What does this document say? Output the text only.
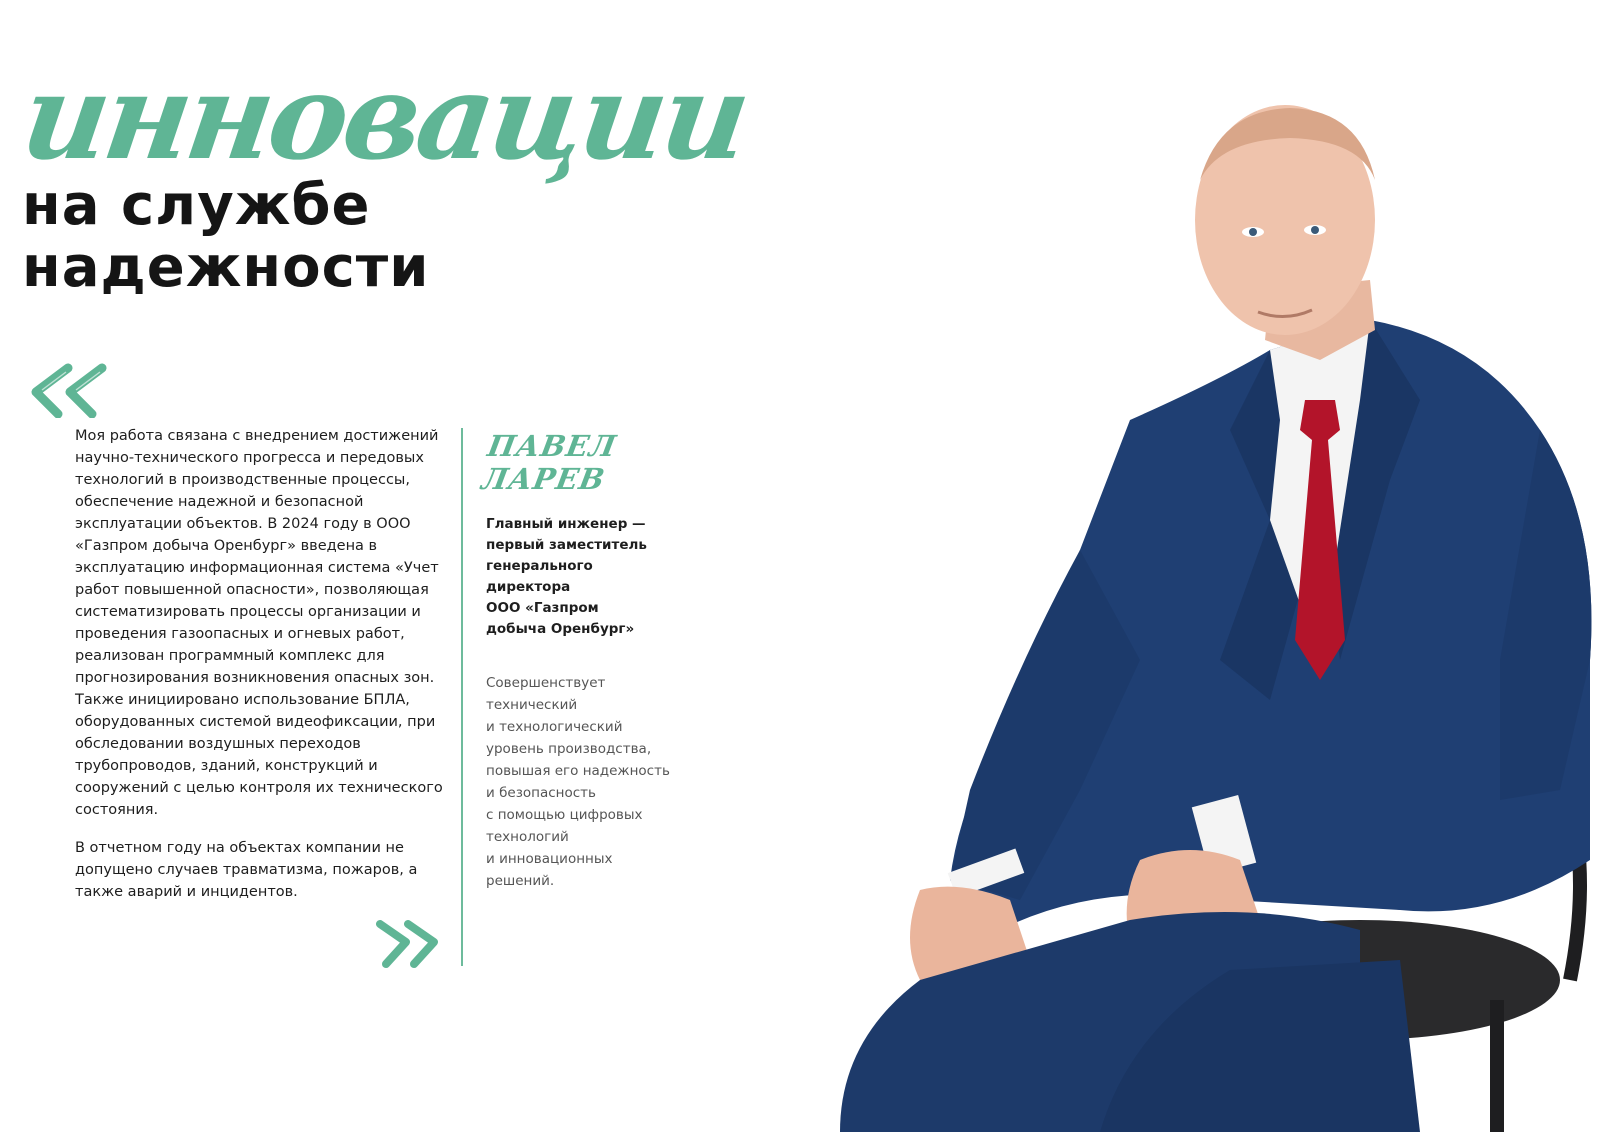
инновации
на службе
надежности

Моя работа связана с внедрением достижений научно-технического прогресса и передовых технологий в производственные процессы, обеспечение надежной и безопасной эксплуатации объектов. В 2024 году в ООО «Газпром добыча Оренбург» введена в эксплуатацию информационная система «Учет работ повышенной опасности», позволяющая систематизировать процессы организации и проведения газоопасных и огневых работ, реализован программный комплекс для прогнозирования возникновения опасных зон. Также инициировано использование БПЛА, оборудованных системой видеофиксации, при обследовании воздушных переходов трубопроводов, зданий, конструкций и сооружений с целью контроля их технического состояния.

В отчетном году на объектах компании не допущено случаев травматизма, пожаров, а также аварий и инцидентов.

ПАВЕЛ
ЛАРЕВ
Главный инженер —
первый заместитель
генерального
директора
ООО «Газпром
добыча Оренбург»
Совершенствует
технический
и технологический
уровень производства,
повышая его надежность
и безопасность
с помощью цифровых
технологий
и инновационных
решений.
